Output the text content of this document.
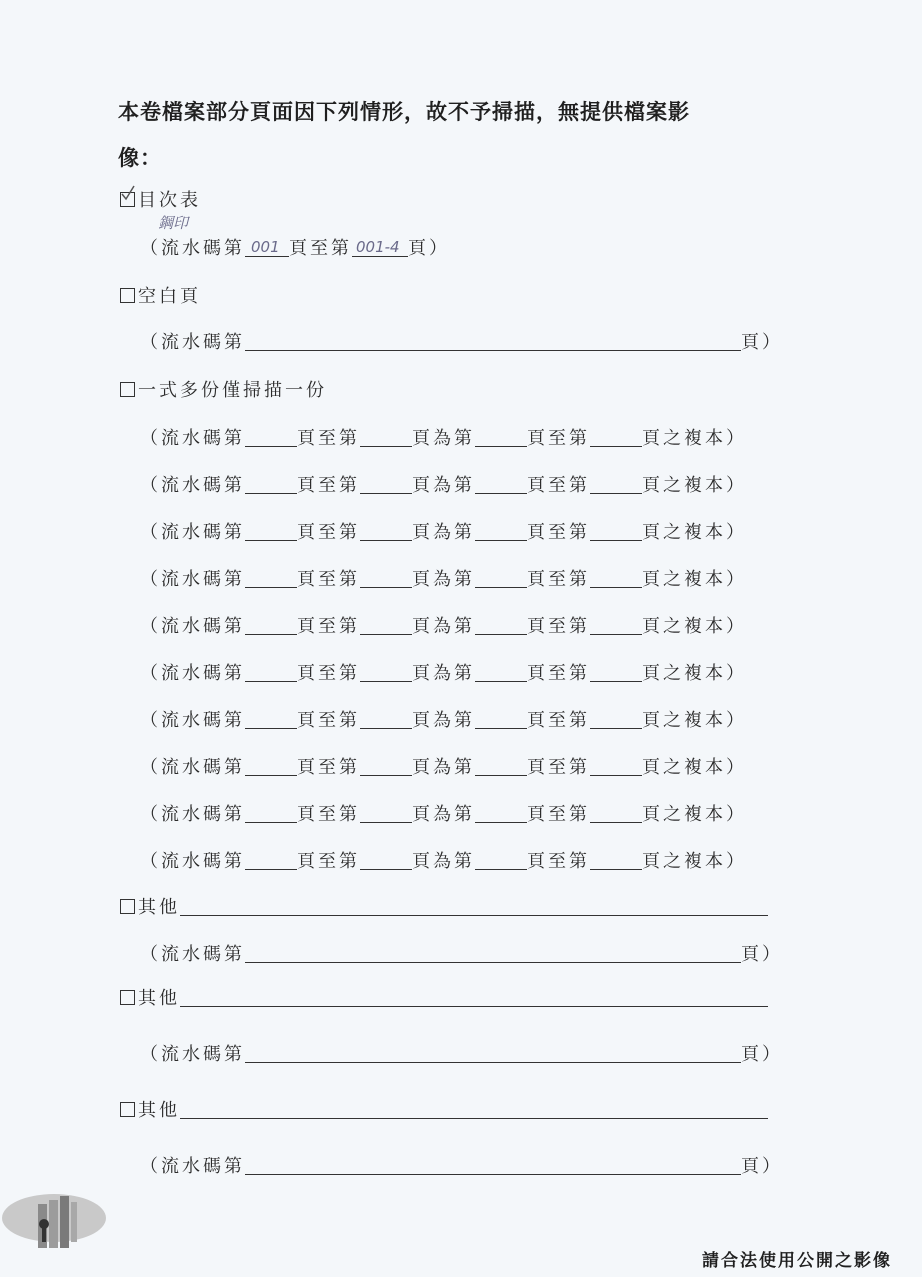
本卷檔案部分頁面因下列情形，故不予掃描，無提供檔案影
像：
目次表
鋼印
（流水碼第 001 頁至第 001-4 頁）
空白頁
（流水碼第	頁）
一式多份僅掃描一份
（流水碼第	頁至第	頁為第	頁至第	頁之複本）
（流水碼第	頁至第	頁為第	頁至第	頁之複本）
（流水碼第	頁至第	頁為第	頁至第	頁之複本）
（流水碼第	頁至第	頁為第	頁至第	頁之複本）
（流水碼第	頁至第	頁為第	頁至第	頁之複本）
（流水碼第	頁至第	頁為第	頁至第	頁之複本）
（流水碼第	頁至第	頁為第	頁至第	頁之複本）
（流水碼第	頁至第	頁為第	頁至第	頁之複本）
（流水碼第	頁至第	頁為第	頁至第	頁之複本）
（流水碼第	頁至第	頁為第	頁至第	頁之複本）
其他
（流水碼第	頁）
其他
（流水碼第	頁）
其他
（流水碼第	頁）
請合法使用公開之影像
